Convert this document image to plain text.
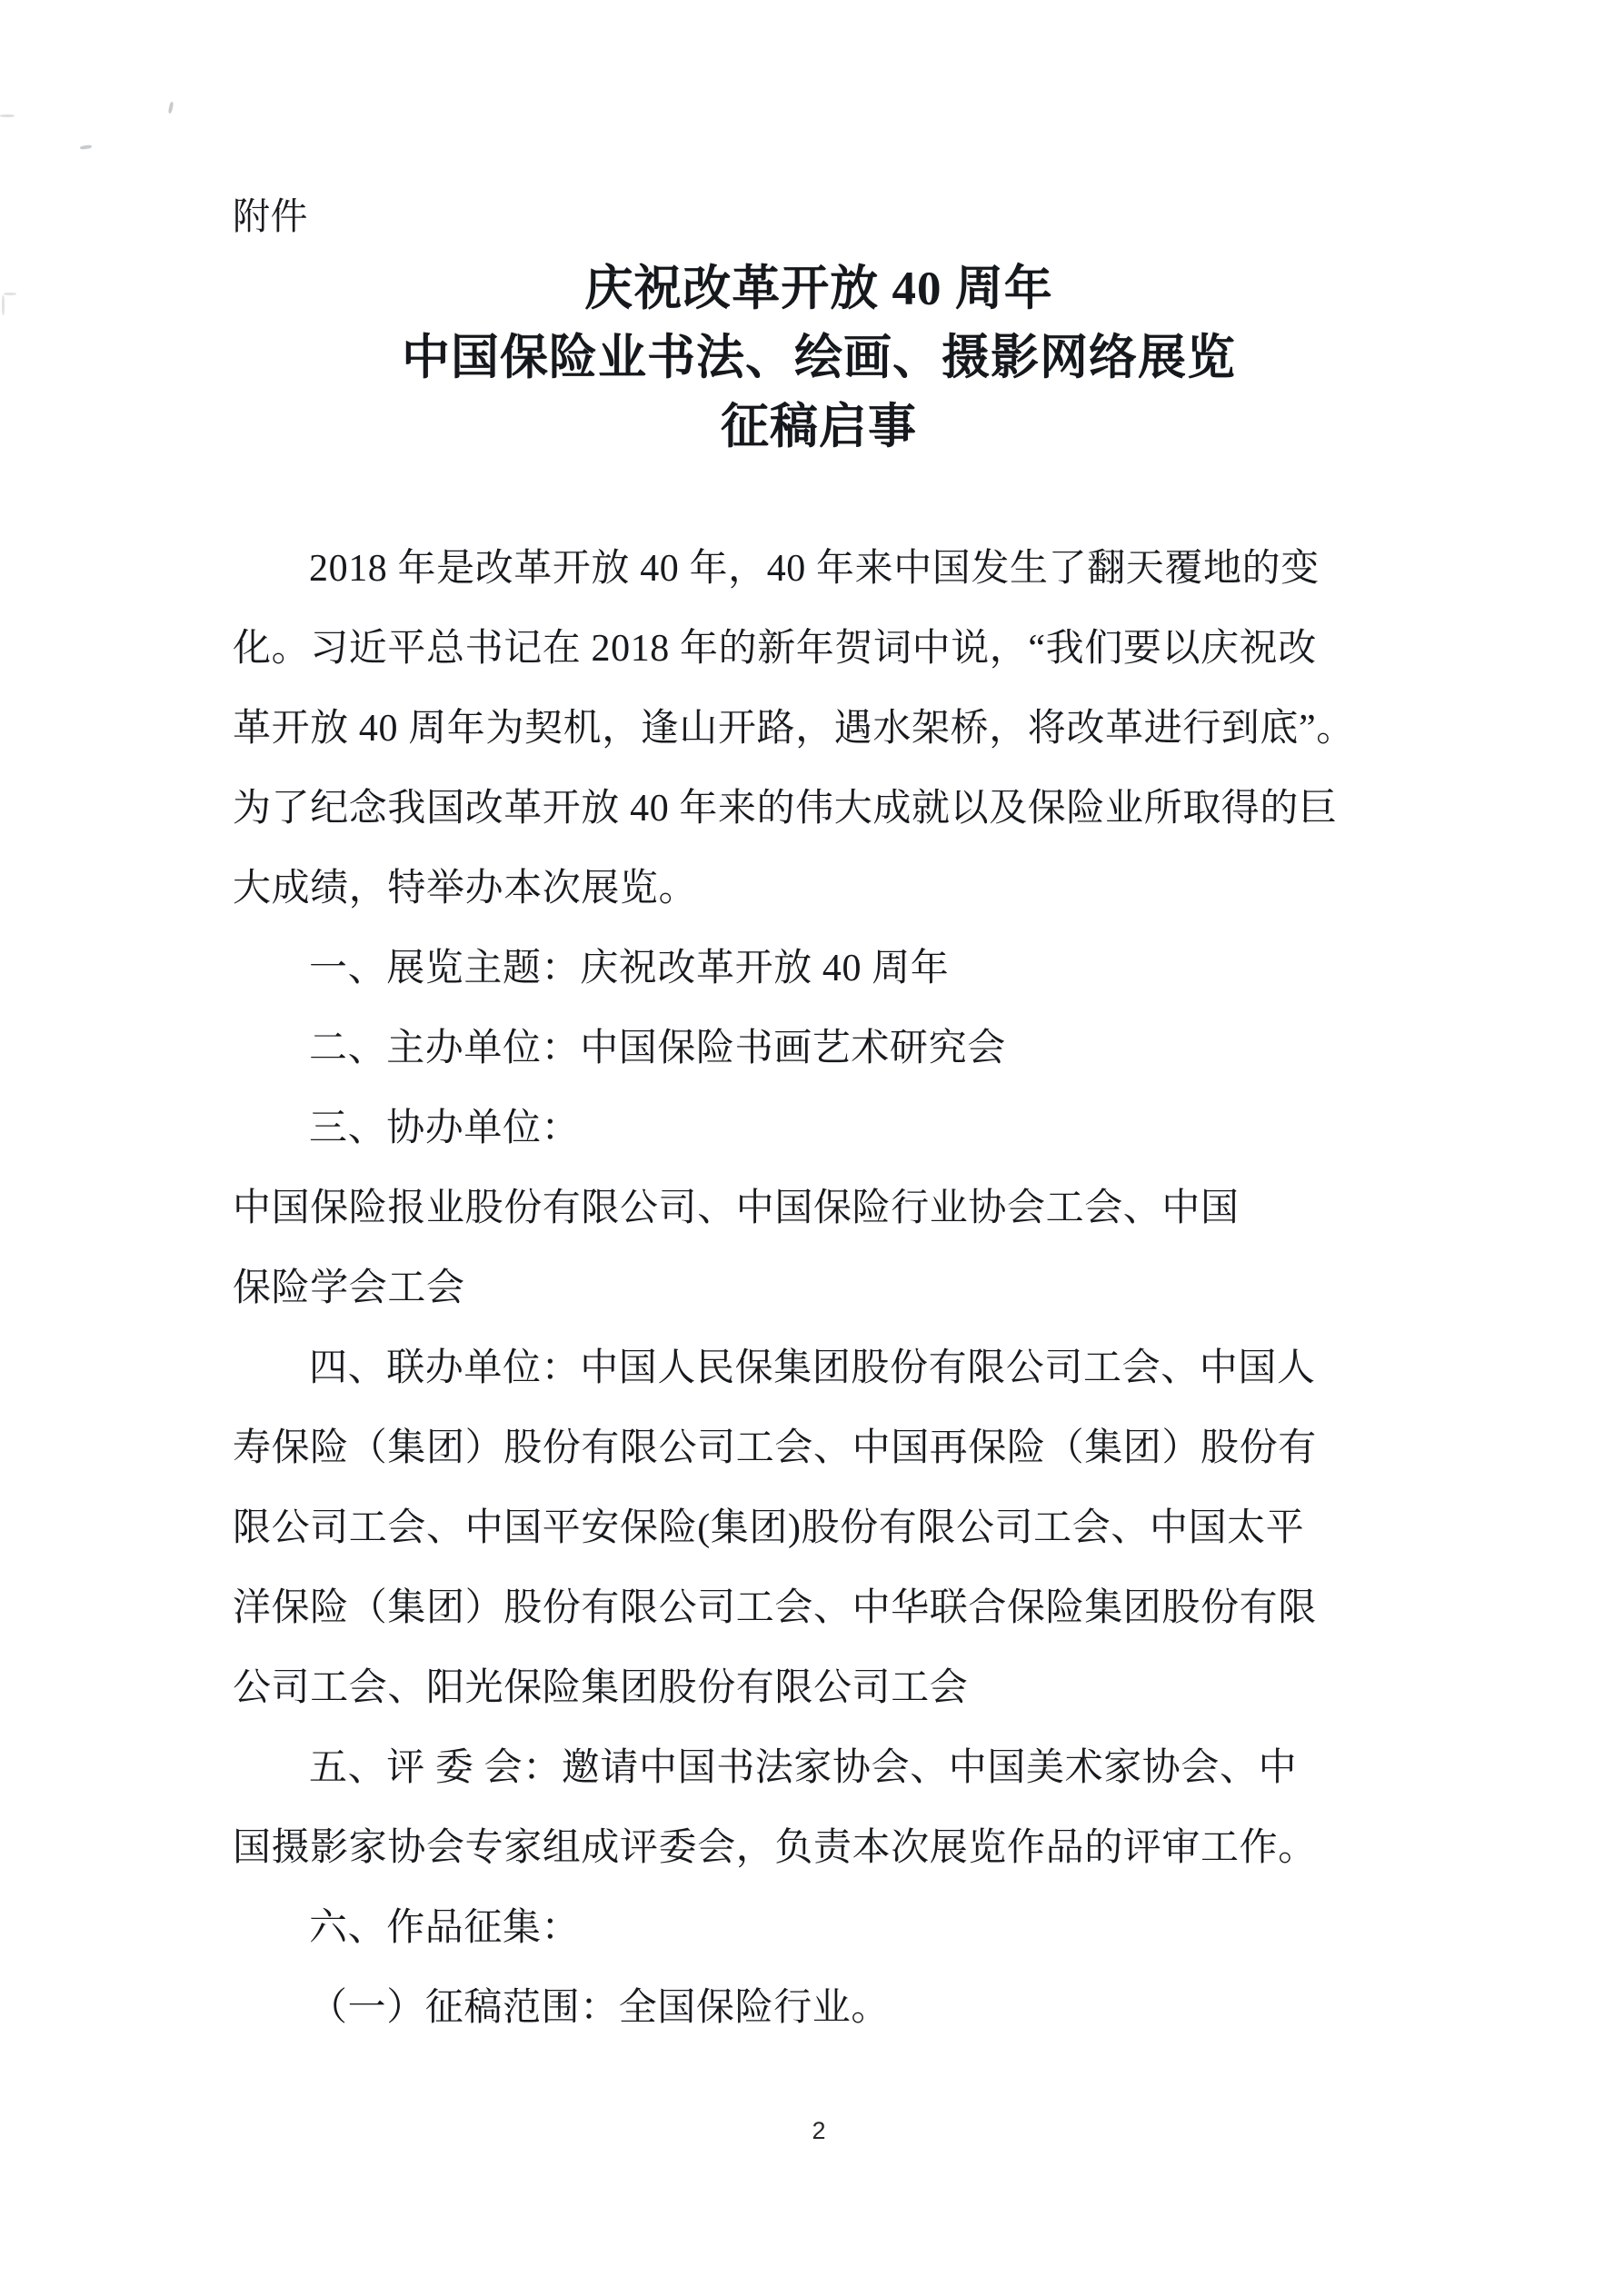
附件
庆祝改革开放 40 周年
中国保险业书法、绘画、摄影网络展览
征稿启事
2018 年是改革开放 40 年，40 年来中国发生了翻天覆地的变
化。习近平总书记在 2018 年的新年贺词中说，“我们要以庆祝改
革开放 40 周年为契机，逢山开路，遇水架桥，将改革进行到底”。
为了纪念我国改革开放 40 年来的伟大成就以及保险业所取得的巨
大成绩，特举办本次展览。
一、展览主题：庆祝改革开放 40 周年
二、主办单位：中国保险书画艺术研究会
三、协办单位：
中国保险报业股份有限公司、中国保险行业协会工会、中国
保险学会工会
四、联办单位：中国人民保集团股份有限公司工会、中国人
寿保险（集团）股份有限公司工会、中国再保险（集团）股份有
限公司工会、中国平安保险(集团)股份有限公司工会、中国太平
洋保险（集团）股份有限公司工会、中华联合保险集团股份有限
公司工会、阳光保险集团股份有限公司工会
五、评 委 会：邀请中国书法家协会、中国美术家协会、中
国摄影家协会专家组成评委会，负责本次展览作品的评审工作。
六、作品征集：
（一）征稿范围：全国保险行业。
2
